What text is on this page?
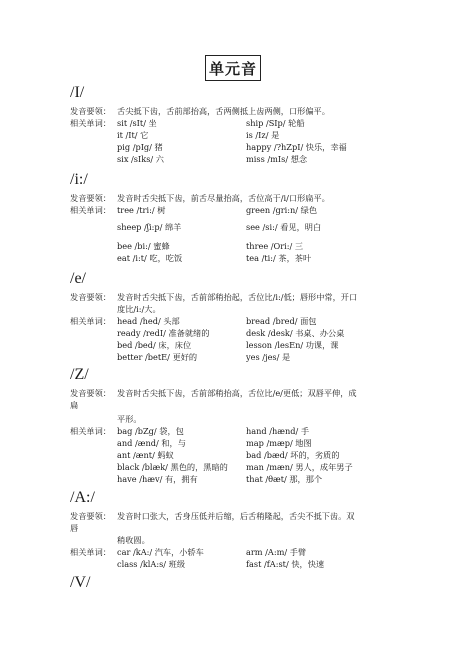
单元音
/I/
发音要领： 舌尖抵下齿，舌前部抬高，舌两侧抵上齿两侧，口形偏平。
相关单词： sit /sIt/ 坐	ship /SIp/ 轮船
it /It/ 它	is /Iz/ 是
pig /pIg/ 猪	happy /?hZpI/ 快乐，幸福
six /sIks/ 六	miss /mIs/ 想念
/i:/
发音要领： 发音时舌尖抵下齿，前舌尽量抬高，舌位高于/i/口形扁平。
相关单词： tree /tri:/ 树	green /gri:n/ 绿色
sheep /ʃi:p/ 绵羊	see /si:/ 看见，明白
bee /bi:/ 蜜蜂	three /Ori:/ 三
eat /i:t/ 吃，吃饭	tea /ti:/ 茶，茶叶
/e/
发音要领： 发音时舌尖抵下齿，舌前部稍抬起，舌位比/i:/低；唇形中常，开口
度比/i:/大。
相关单词： head /hed/ 头部	bread /bred/ 面包
ready /redI/ 准备就绪的	desk /desk/ 书桌、办公桌
bed /bed/ 床，床位	lesson /lesEn/ 功课，课
better /betE/ 更好的	yes /jes/ 是
/Z/
发音要领： 发音时舌尖抵下齿，舌前部稍抬高，舌位比/e/更低；双唇平伸，成
扁
平形。
相关单词： bag /bZg/ 袋，包	hand /hænd/ 手
and /ænd/ 和，与	map /mæp/ 地图
ant /ænt/ 蚂蚁	bad /bæd/ 坏的，劣质的
black /blæk/ 黑色的，黑暗的 man /mæn/ 男人，成年男子
have /hæv/ 有，拥有	that /θæt/ 那，那个
/A:/
发音要领： 发音时口张大，舌身压低并后缩，后舌稍隆起，舌尖不抵下齿。双
唇
稍收圆。
相关单词： car /kA:/ 汽车，小轿车	arm /A:m/ 手臂
class /klA:s/ 班级	fast /fA:st/ 快，快速
/V/
